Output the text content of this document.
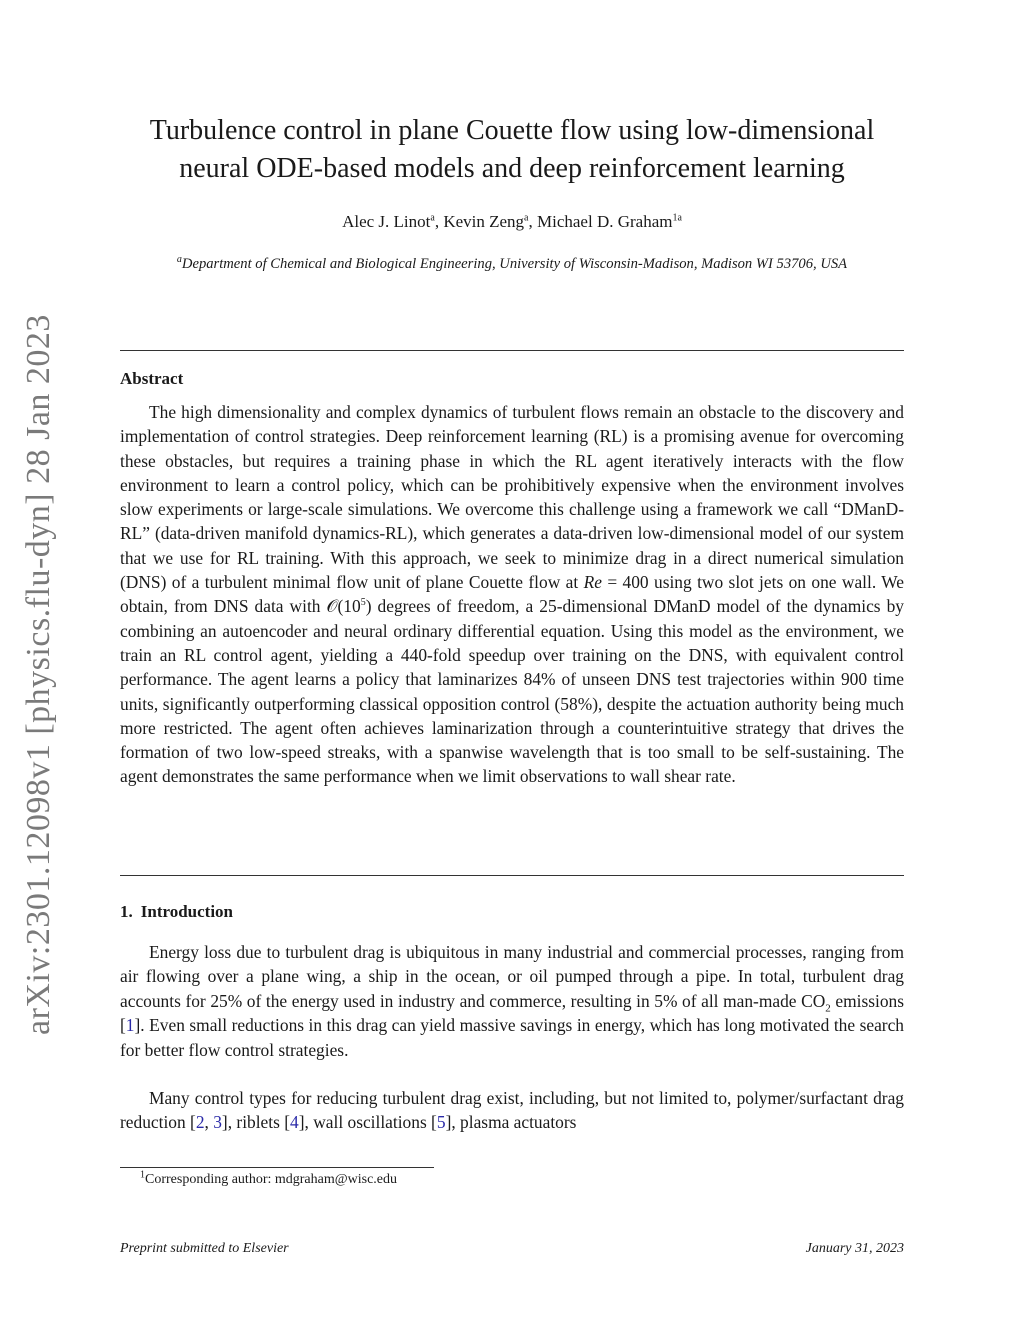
arXiv:2301.12098v1 [physics.flu-dyn] 28 Jan 2023
Turbulence control in plane Couette flow using low-dimensional
neural ODE-based models and deep reinforcement learning
Alec J. Linot$^a$, Kevin Zeng$^a$, Michael D. Graham$^{1a}$
$^a$Department of Chemical and Biological Engineering, University of Wisconsin-Madison, Madison WI 53706, USA
Abstract

The high dimensionality and complex dynamics of turbulent flows remain an obstacle to the discovery and implementation of control strategies. Deep reinforcement learning (RL) is a promising avenue for overcoming these obstacles, but requires a training phase in which the RL agent iteratively interacts with the flow environment to learn a control policy, which can be prohibitively expensive when the environment involves slow experiments or large-scale simulations. We overcome this challenge using a framework we call “DManD-RL” (data-driven manifold dynamics-RL), which generates a data-driven low-dimensional model of our system that we use for RL training. With this approach, we seek to minimize drag in a direct numerical simulation (DNS) of a turbulent minimal flow unit of plane Couette flow at Re = 400 using two slot jets on one wall. We obtain, from DNS data with $𝒪(10^5)$ degrees of freedom, a 25-dimensional DManD model of the dynamics by combining an autoencoder and neural ordinary differential equation. Using this model as the environment, we train an RL control agent, yielding a 440-fold speedup over training on the DNS, with equivalent control performance. The agent learns a policy that laminarizes 84% of unseen DNS test trajectories within 900 time units, significantly outperforming classical opposition control (58%), despite the actuation authority being much more restricted. The agent often achieves laminarization through a counterintuitive strategy that drives the formation of two low-speed streaks, with a spanwise wavelength that is too small to be self-sustaining. The agent demonstrates the same performance when we limit observations to wall shear rate.

1. Introduction

Energy loss due to turbulent drag is ubiquitous in many industrial and commercial processes, ranging from air flowing over a plane wing, a ship in the ocean, or oil pumped through a pipe. In total, turbulent drag accounts for 25% of the energy used in industry and commerce, resulting in 5% of all man-made $CO_2$ emissions [1]. Even small reductions in this drag can yield massive savings in energy, which has long motivated the search for better flow control strategies.

Many control types for reducing turbulent drag exist, including, but not limited to, polymer/surfactant drag reduction [2, 3], riblets [4], wall oscillations [5], plasma actuators

$^1$Corresponding author: mdgraham@wisc.edu
Preprint submitted to Elsevier	January 31, 2023
